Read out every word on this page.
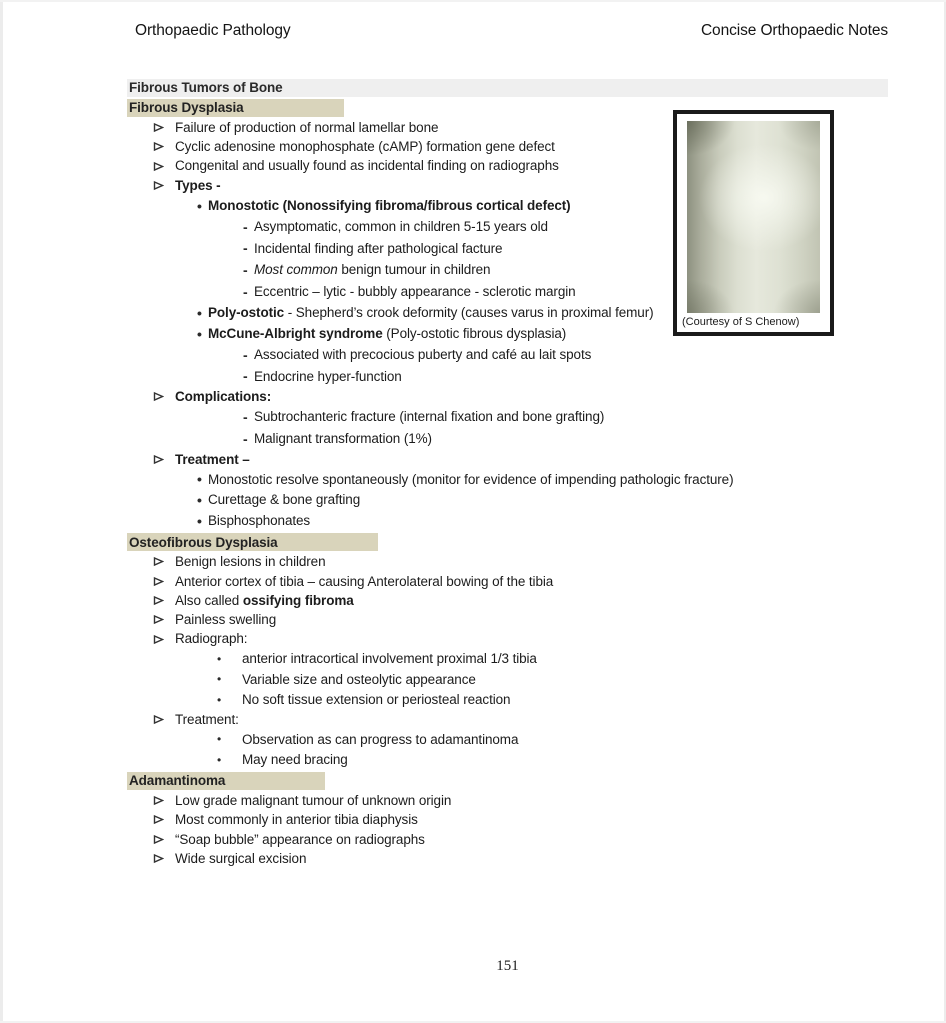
Orthopaedic Pathology	Concise Orthopaedic Notes
Fibrous Tumors of Bone
Fibrous Dysplasia
Failure of production of normal lamellar bone
Cyclic adenosine monophosphate (cAMP) formation gene defect
Congenital and usually found as incidental finding on radiographs
Types -
• Monostotic (Nonossifying fibroma/fibrous cortical defect)
- Asymptomatic, common in children 5-15 years old
- Incidental finding after pathological facture
- Most common benign tumour in children
- Eccentric – lytic - bubbly appearance - sclerotic margin
• Poly-ostotic - Shepherd’s crook deformity (causes varus in proximal femur)
• McCune-Albright syndrome (Poly-ostotic fibrous dysplasia)
- Associated with precocious puberty and café au lait spots
- Endocrine hyper-function
Complications:
- Subtrochanteric fracture (internal fixation and bone grafting)
- Malignant transformation (1%)
Treatment –
• Monostotic resolve spontaneously (monitor for evidence of impending pathologic fracture)
• Curettage & bone grafting
• Bisphosphonates
Osteofibrous Dysplasia
Benign lesions in children
Anterior cortex of tibia – causing Anterolateral bowing of the tibia
Also called ossifying fibroma
Painless swelling
Radiograph:
•	anterior intracortical involvement proximal 1/3 tibia
•	Variable size and osteolytic appearance
•	No soft tissue extension or periosteal reaction
Treatment:
•	Observation as can progress to adamantinoma
•	May need bracing
Adamantinoma
Low grade malignant tumour of unknown origin
Most commonly in anterior tibia diaphysis
“Soap bubble” appearance on radiographs
Wide surgical excision
(Courtesy of S Chenow)
151
